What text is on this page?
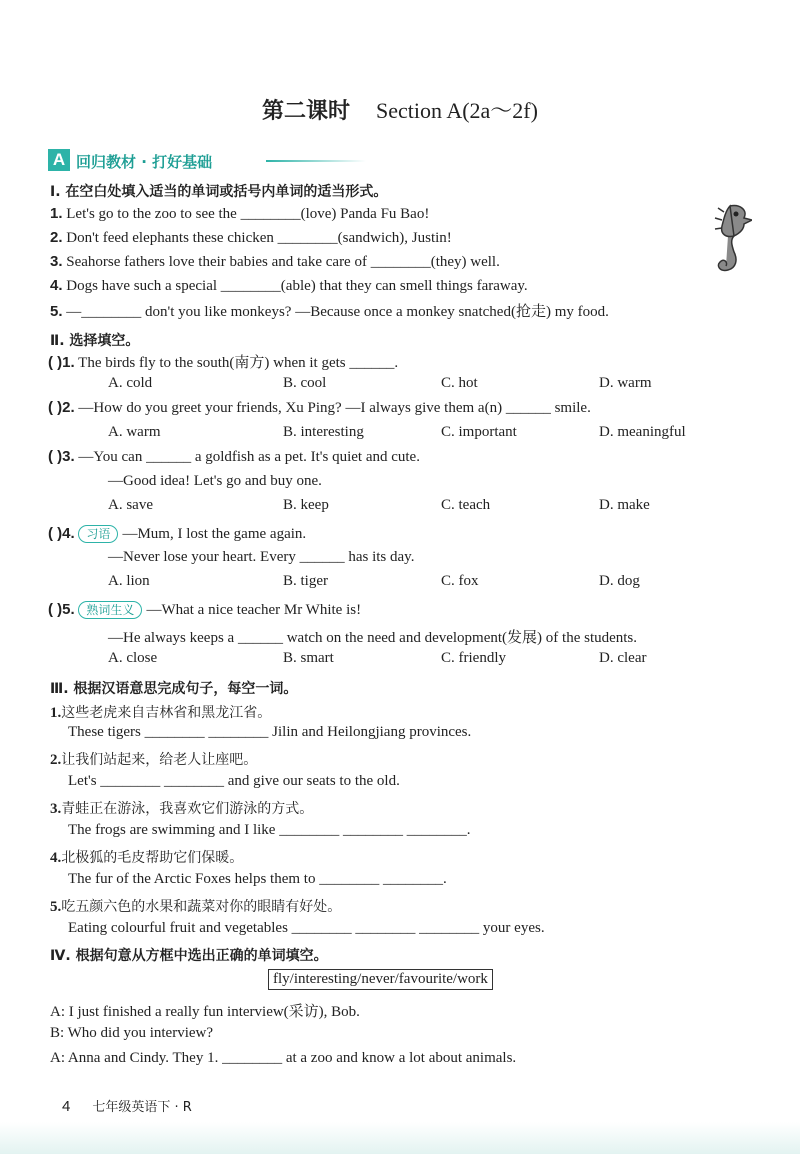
第二课时 Section A(2a～2f)
A 回归教材 · 打好基础
Ⅰ. 在空白处填入适当的单词或括号内单词的适当形式。
1. Let's go to the zoo to see the ________(love) Panda Fu Bao!
2. Don't feed elephants these chicken ________(sandwich), Justin!
3. Seahorse fathers love their babies and take care of ________(they) well.
4. Dogs have such a special ________(able) that they can smell things faraway.
5. —________ don't you like monkeys? —Because once a monkey snatched(抢走) my food.
Ⅱ. 选择填空。
( )1. The birds fly to the south(南方) when it gets ______.
A. cold	B. cool	C. hot	D. warm
( )2. —How do you greet your friends, Xu Ping? —I always give them a(n) ______ smile.
A. warm	B. interesting	C. important	D. meaningful
( )3. —You can ______ a goldfish as a pet. It's quiet and cute.
—Good idea! Let's go and buy one.
A. save	B. keep	C. teach	D. make
( )4. 习语 —Mum, I lost the game again.
—Never lose your heart. Every ______ has its day.
A. lion	B. tiger	C. fox	D. dog
( )5. 熟词生义 —What a nice teacher Mr White is!
—He always keeps a ______ watch on the need and development(发展) of the students.
A. close	B. smart	C. friendly	D. clear
Ⅲ. 根据汉语意思完成句子，每空一词。
1.这些老虎来自吉林省和黑龙江省。
These tigers ________ ________ Jilin and Heilongjiang provinces.
2.让我们站起来，给老人让座吧。
Let's ________ ________ and give our seats to the old.
3.青蛙正在游泳，我喜欢它们游泳的方式。
The frogs are swimming and I like ________ ________ ________.
4.北极狐的毛皮帮助它们保暖。
The fur of the Arctic Foxes helps them to ________ ________.
5.吃五颜六色的水果和蔬菜对你的眼睛有好处。
Eating colourful fruit and vegetables ________ ________ ________ your eyes.
Ⅳ. 根据句意从方框中选出正确的单词填空。
fly/interesting/never/favourite/work
A: I just finished a really fun interview(采访), Bob.
B: Who did you interview?
A: Anna and Cindy. They 1. ________ at a zoo and know a lot about animals.
4 七年级英语下 · R
